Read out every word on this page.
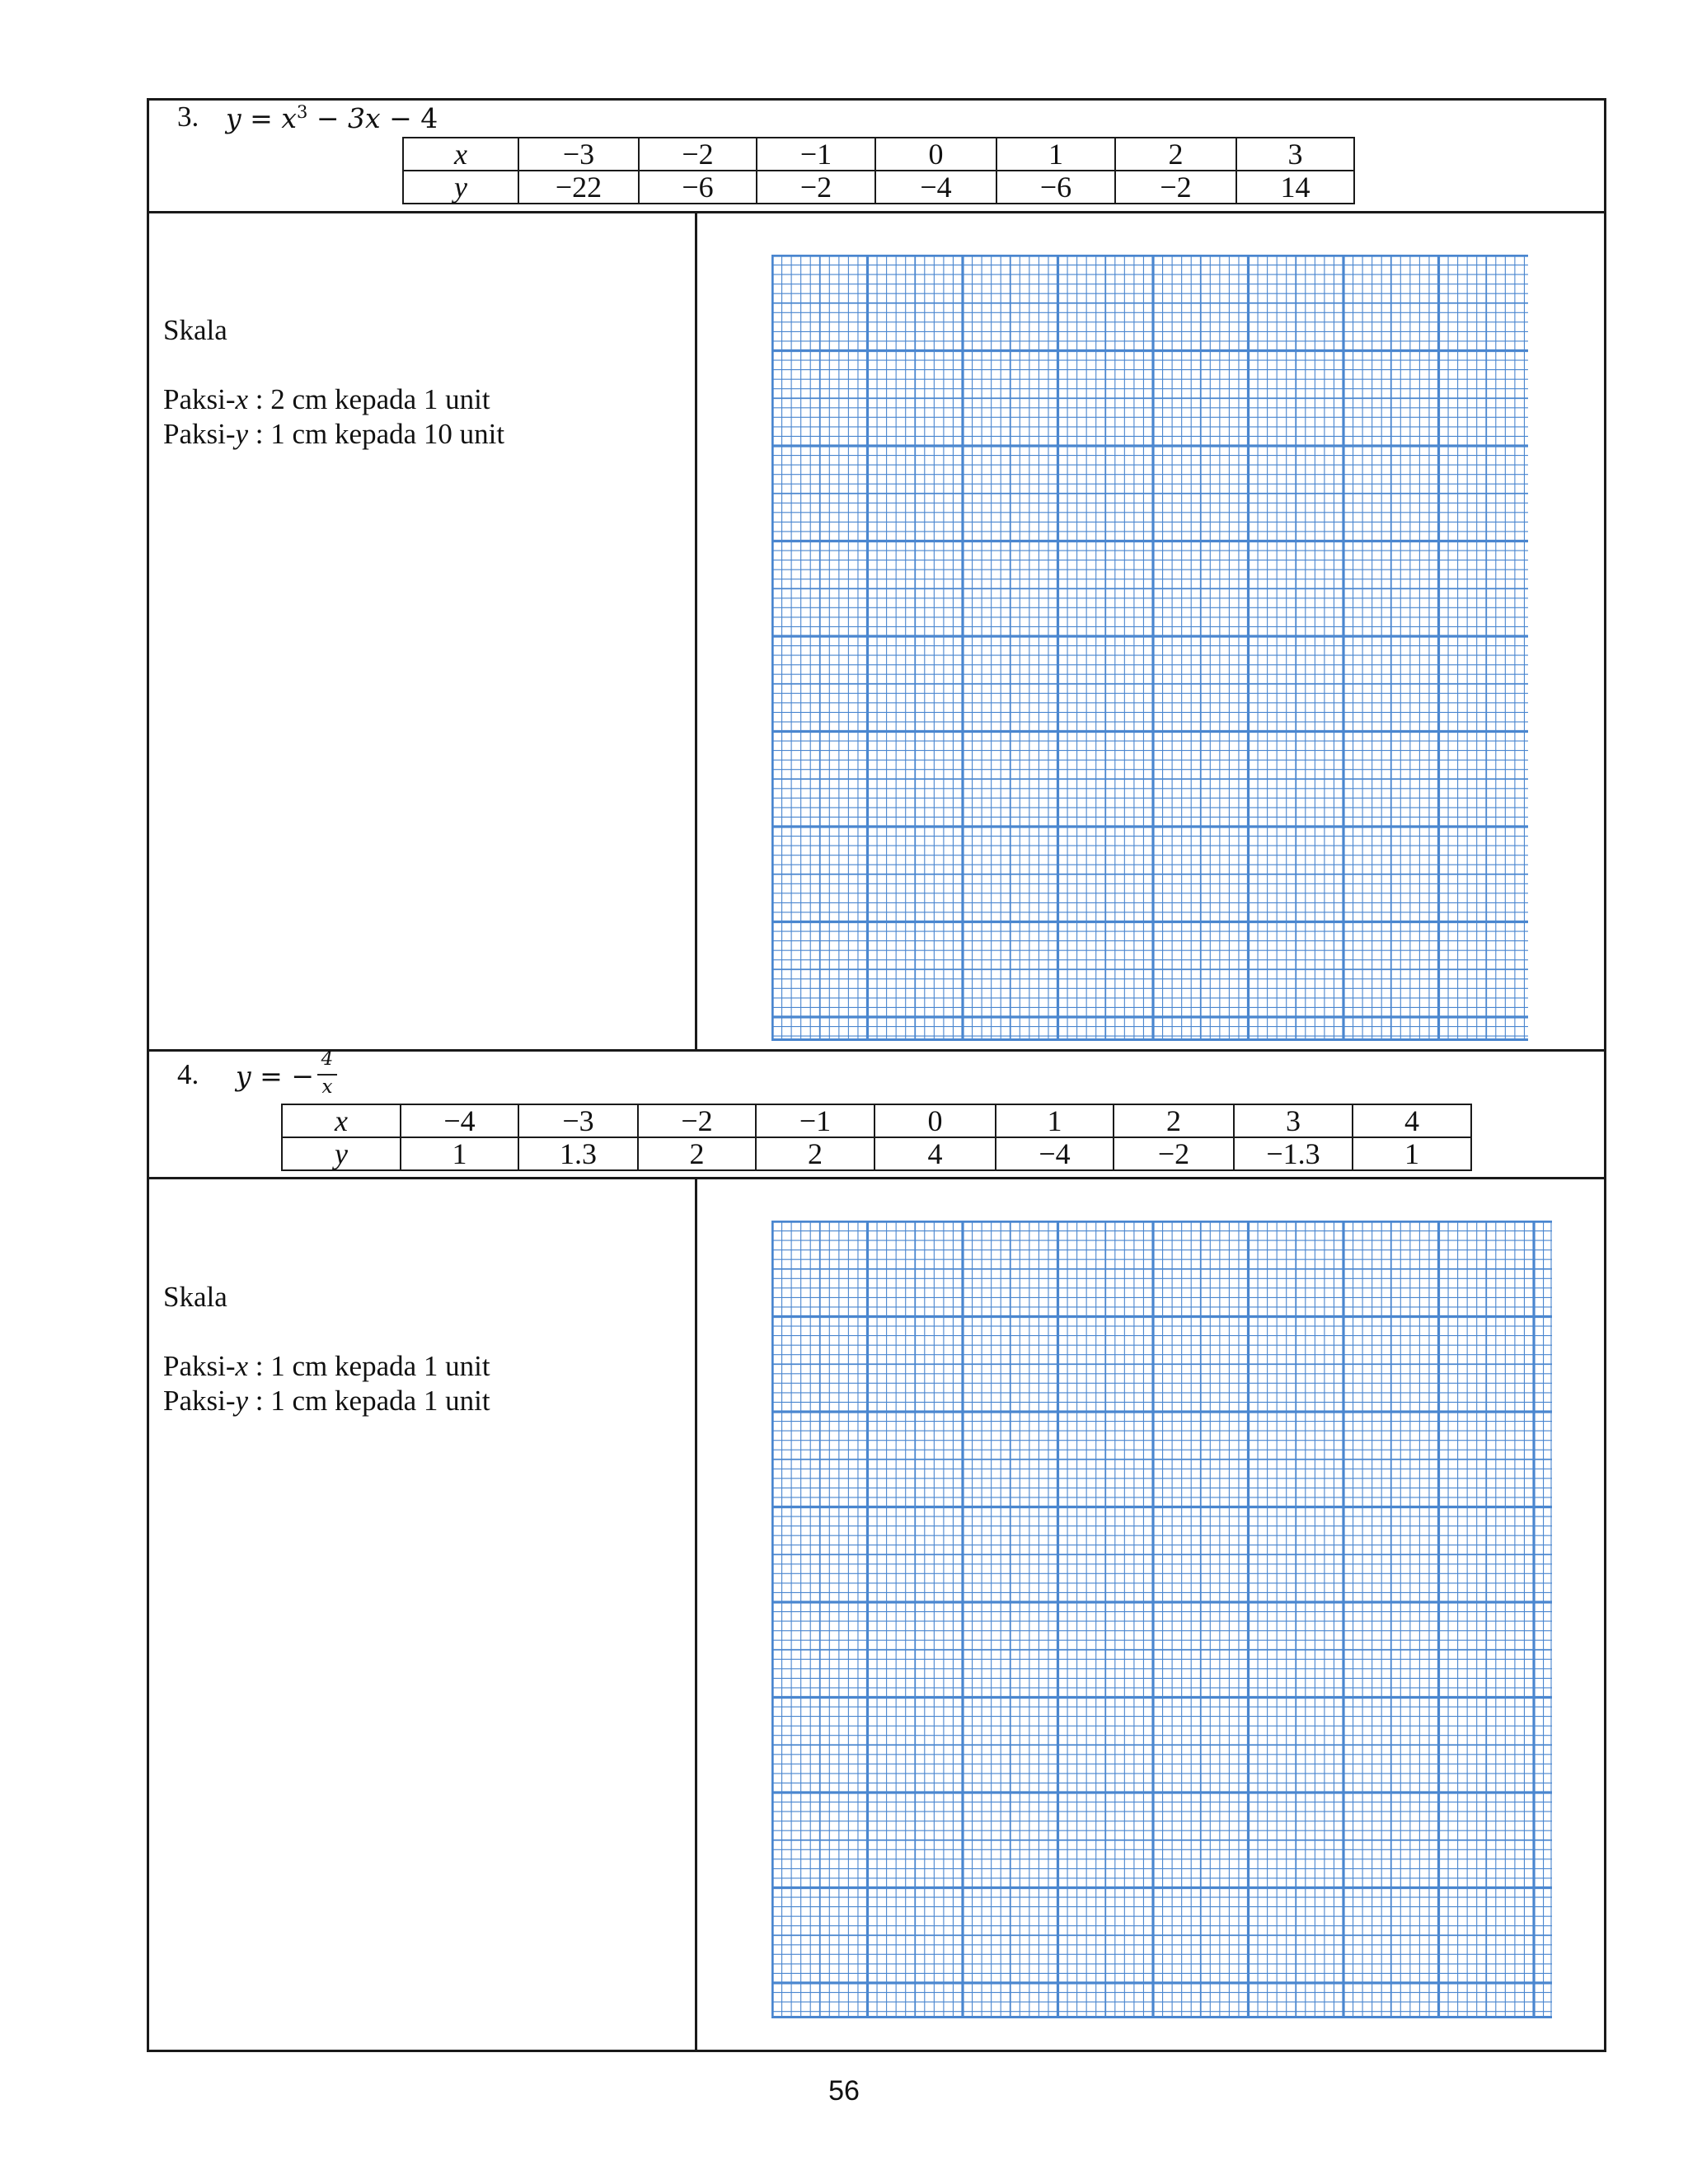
3. $y = x^3 - 3x - 4$
x	−3	−2	−1	0	1	2	3
y	−22	−6	−2	−4	−6	−2	14
Skala
Paksi-x : 2 cm kepada 1 unit
Paksi-y : 1 cm kepada 10 unit
4. y = −
4
x
x	−4	−3	−2	−1	0	1	2	3	4
y	1	1.3	2	2	4	−4	−2	−1.3	1
Skala
Paksi-x : 1 cm kepada 1 unit
Paksi-y : 1 cm kepada 1 unit
56
